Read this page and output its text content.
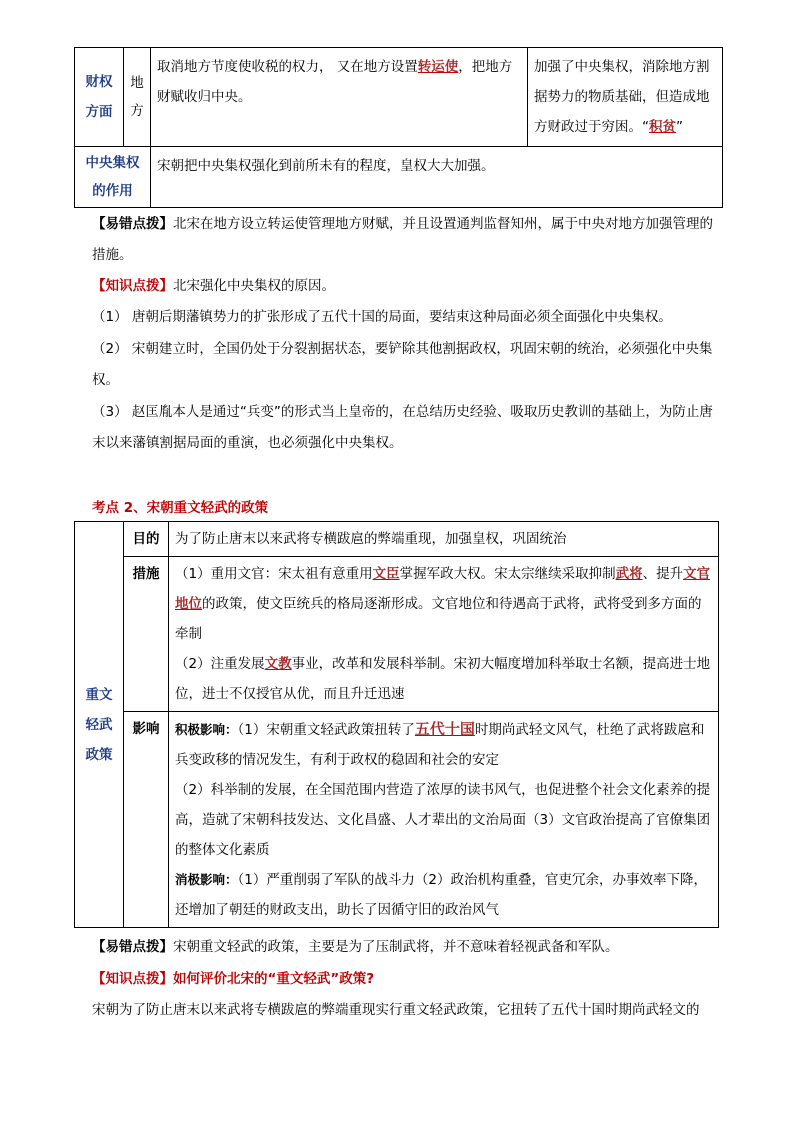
财权方面	地方	取消地方节度使收税的权力， 又在地方设置转运使，把地方财赋收归中央。	加强了中央集权，消除地方割据势力的物质基础，但造成地方财政过于穷困。“积贫”
中央集权的作用		宋朝把中央集权强化到前所未有的程度，皇权大大加强。	
【易错点拨】北宋在地方设立转运使管理地方财赋，并且设置通判监督知州，属于中央对地方加强管理的措施。
【知识点拨】北宋强化中央集权的原因。
（1） 唐朝后期藩镇势力的扩张形成了五代十国的局面，要结束这种局面必须全面强化中央集权。
（2） 宋朝建立时，全国仍处于分裂割据状态，要铲除其他割据政权，巩固宋朝的统治，必须强化中央集权。
（3） 赵匡胤本人是通过“兵变”的形式当上皇帝的，在总结历史经验、吸取历史教训的基础上，为防止唐末以来藩镇割据局面的重演，也必须强化中央集权。
考点 2、宋朝重文轻武的政策
重文轻武政策	目的	为了防止唐末以来武将专横跋扈的弊端重现，加强皇权，巩固统治
	措施	（1）重用文官：宋太祖有意重用文臣掌握军政大权。宋太宗继续采取抑制武将、提升文官地位的政策，使文臣统兵的格局逐渐形成。文官地位和待遇高于武将，武将受到多方面的牵制

（2）注重发展文教事业，改革和发展科举制。宋初大幅度增加科举取士名额，提高进士地位，进士不仅授官从优，而且升迁迅速

	影响	积极影响：（1）宋朝重文轻武政策扭转了五代十国时期尚武轻文风气，杜绝了武将跋扈和兵变政移的情况发生，有利于政权的稳固和社会的安定

（2）科举制的发展，在全国范围内营造了浓厚的读书风气，也促进整个社会文化素养的提高，造就了宋朝科技发达、文化昌盛、人才辈出的文治局面（3）文官政治提高了官僚集团的整体文化素质

消极影响：（1）严重削弱了军队的战斗力（2）政治机构重叠，官吏冗余，办事效率下降，还增加了朝廷的财政支出，助长了因循守旧的政治风气

【易错点拨】宋朝重文轻武的政策，主要是为了压制武将，并不意味着轻视武备和军队。
【知识点拨】如何评价北宋的“重文轻武”政策?
宋朝为了防止唐末以来武将专横跋扈的弊端重现实行重文轻武政策，它扭转了五代十国时期尚武轻文的
